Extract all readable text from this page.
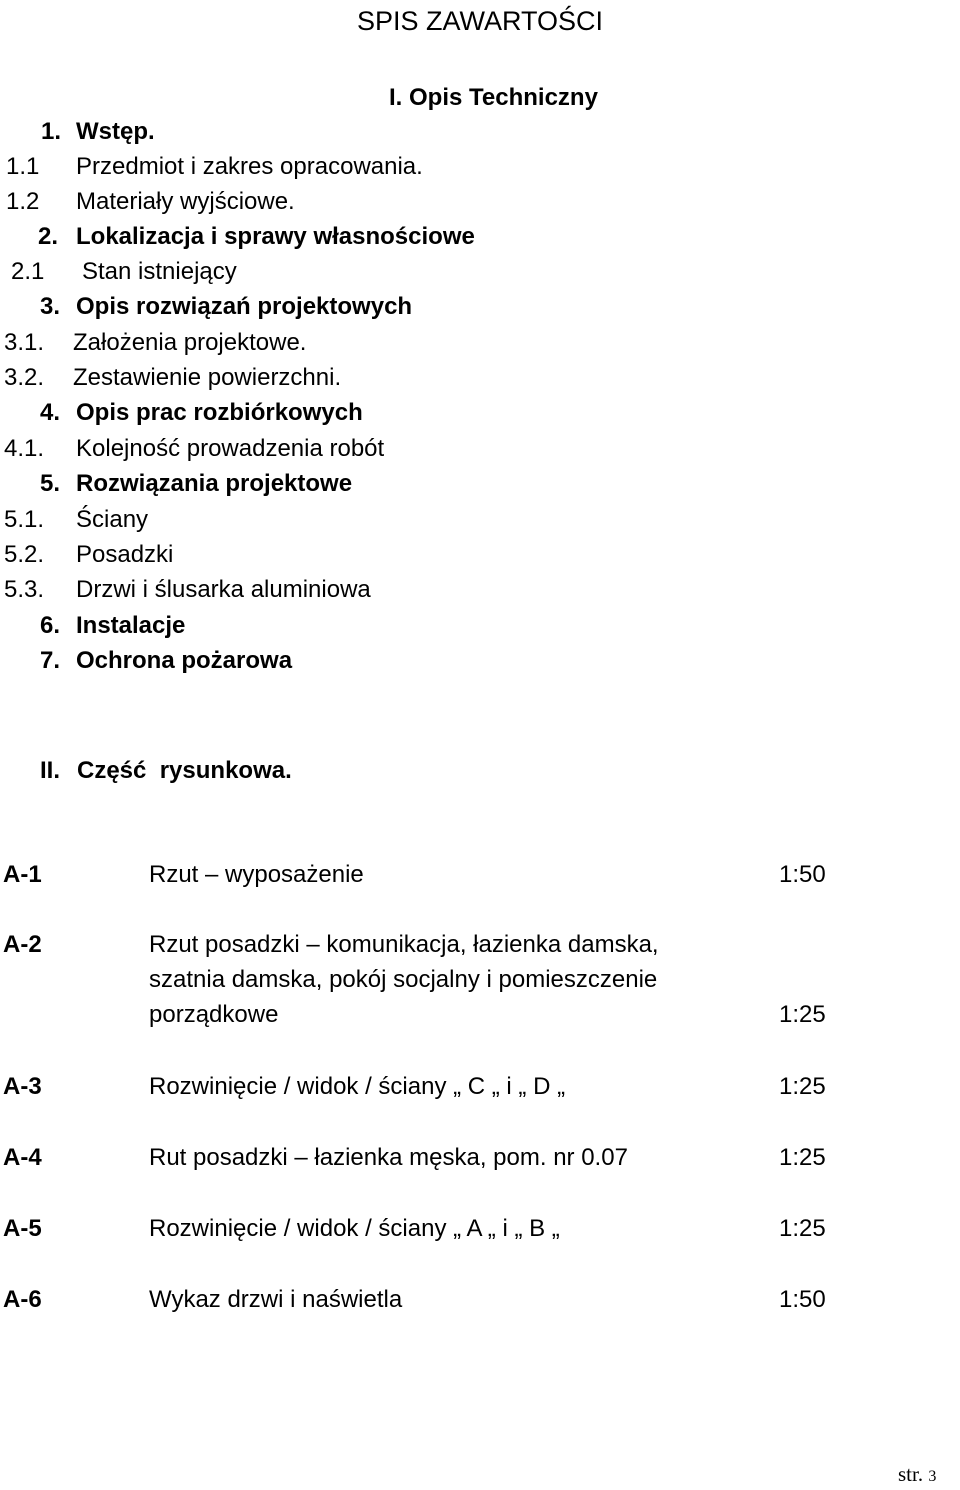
SPIS ZAWARTOŚCI
I. Opis Techniczny
1. Wstęp.
1.1 Przedmiot i zakres opracowania.
1.2 Materiały wyjściowe.
2. Lokalizacja i sprawy własnościowe
2.1 Stan istniejący
3. Opis rozwiązań projektowych
3.1. Założenia projektowe.
3.2. Zestawienie powierzchni.
4. Opis prac rozbiórkowych
4.1. Kolejność prowadzenia robót
5. Rozwiązania projektowe
5.1. Ściany
5.2. Posadzki
5.3. Drzwi i ślusarka aluminiowa
6. Instalacje
7. Ochrona pożarowa
II. Część  rysunkowa.
A-1	Rzut – wyposażenie	1:50
A-2	Rzut posadzki – komunikacja, łazienka damska,
szatnia damska, pokój socjalny i pomieszczenie
porządkowe	1:25
A-3	Rozwinięcie / widok / ściany „ C „ i „ D „	1:25
A-4	Rut posadzki – łazienka męska, pom. nr 0.07	1:25
A-5	Rozwinięcie / widok / ściany „ A „ i „ B „	1:25
A-6	Wykaz drzwi i naświetla	1:50
str. 3
